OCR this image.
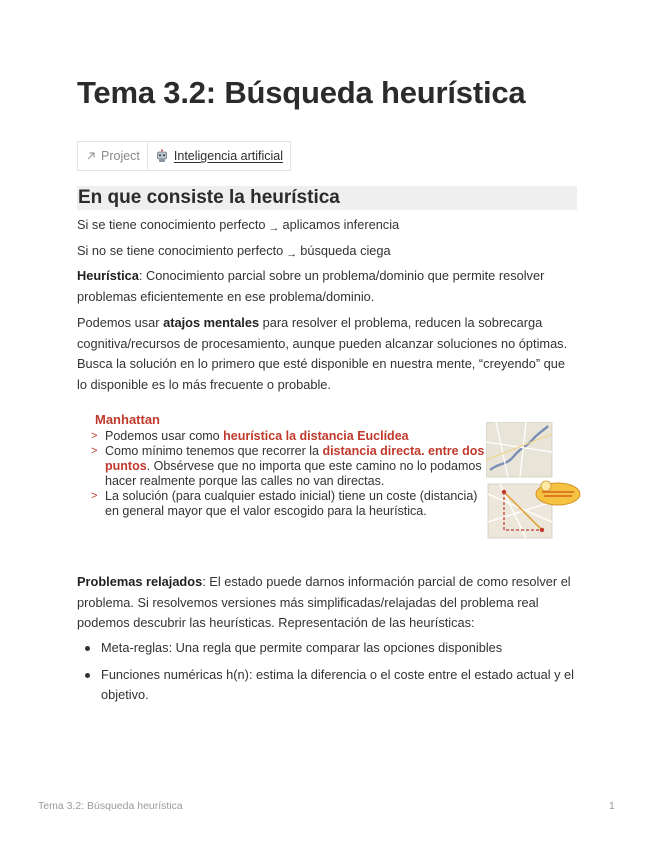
Tema 3.2: Búsqueda heurística
Project	Inteligencia artificial
En que consiste la heurística

Si se tiene conocimiento perfecto → aplicamos inferencia

Si no se tiene conocimiento perfecto → búsqueda ciega

Heurística: Conocimiento parcial sobre un problema/dominio que permite resolver problemas eficientemente en ese problema/dominio.

Podemos usar atajos mentales para resolver el problema, reducen la sobrecarga cognitiva/recursos de procesamiento, aunque pueden alcanzar soluciones no óptimas. Busca la solución en lo primero que esté disponible en nuestra mente, “creyendo” que lo disponible es lo más frecuente o probable.

Manhattan
> Podemos usar como heurística la distancia Euclídea
> Como mínimo tenemos que recorrer la distancia directa. entre dos puntos. Obsérvese que no importa que este camino no lo podamos hacer realmente porque las calles no van directas.
> La solución (para cualquier estado inicial) tiene un coste (distancia) en general mayor que el valor escogido para la heurística.

Problemas relajados: El estado puede darnos información parcial de como resolver el problema. Si resolvemos versiones más simplificadas/relajadas del problema real podemos descubrir las heurísticas. Representación de las heurísticas:

Meta-reglas: Una regla que permite comparar las opciones disponibles
Funciones numéricas h(n): estima la diferencia o el coste entre el estado actual y el objetivo.
Tema 3.2: Búsqueda heurística	1
